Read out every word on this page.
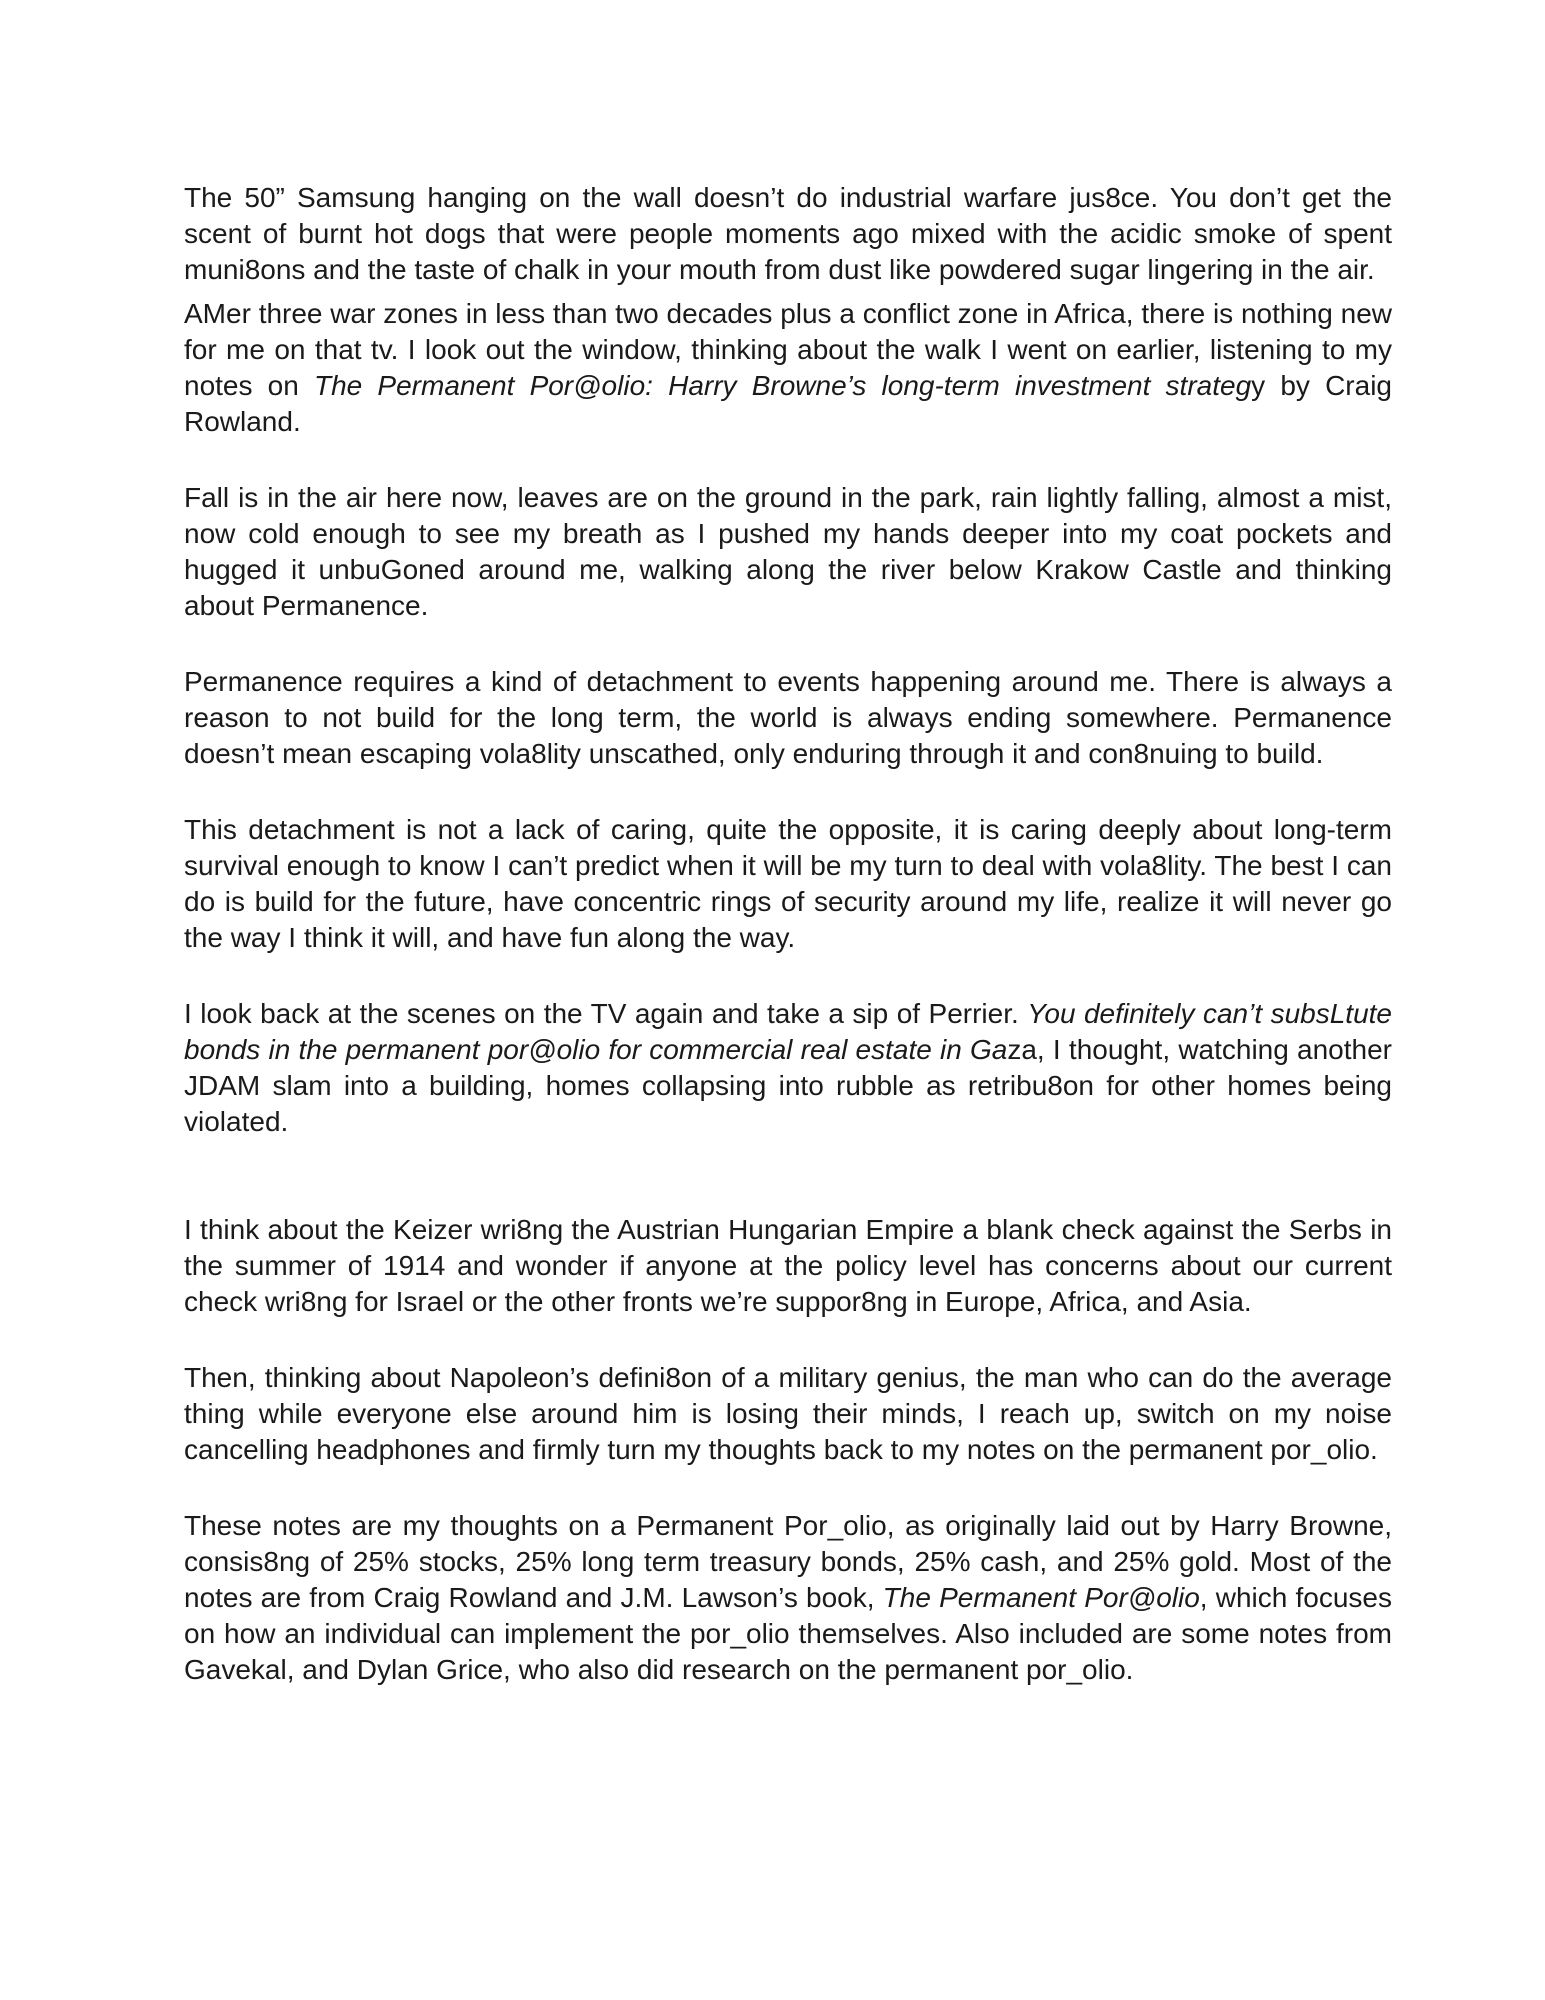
The 50” Samsung hanging on the wall doesn’t do industrial warfare jus8ce. You don’t get the scent of burnt hot dogs that were people moments ago mixed with the acidic smoke of spent muni8ons and the taste of chalk in your mouth from dust like powdered sugar lingering in the air.

AMer three war zones in less than two decades plus a conflict zone in Africa, there is nothing new for me on that tv. I look out the window, thinking about the walk I went on earlier, listening to my notes on The Permanent Por@olio: Harry Browne’s long-term investment strategy by Craig Rowland.

Fall is in the air here now, leaves are on the ground in the park, rain lightly falling, almost a mist, now cold enough to see my breath as I pushed my hands deeper into my coat pockets and hugged it unbuGoned around me, walking along the river below Krakow Castle and thinking about Permanence.

Permanence requires a kind of detachment to events happening around me. There is always a reason to not build for the long term, the world is always ending somewhere. Permanence doesn’t mean escaping vola8lity unscathed, only enduring through it and con8nuing to build.

This detachment is not a lack of caring, quite the opposite, it is caring deeply about long-term survival enough to know I can’t predict when it will be my turn to deal with vola8lity. The best I can do is build for the future, have concentric rings of security around my life, realize it will never go the way I think it will, and have fun along the way.

I look back at the scenes on the TV again and take a sip of Perrier. You definitely can’t subsLtute bonds in the permanent por@olio for commercial real estate in Gaza, I thought, watching another JDAM slam into a building, homes collapsing into rubble as retribu8on for other homes being violated.

I think about the Keizer wri8ng the Austrian Hungarian Empire a blank check against the Serbs in the summer of 1914 and wonder if anyone at the policy level has concerns about our current check wri8ng for Israel or the other fronts we’re suppor8ng in Europe, Africa, and Asia.

Then, thinking about Napoleon’s defini8on of a military genius, the man who can do the average thing while everyone else around him is losing their minds, I reach up, switch on my noise cancelling headphones and firmly turn my thoughts back to my notes on the permanent por_olio.

These notes are my thoughts on a Permanent Por_olio, as originally laid out by Harry Browne, consis8ng of 25% stocks, 25% long term treasury bonds, 25% cash, and 25% gold. Most of the notes are from Craig Rowland and J.M. Lawson’s book, The Permanent Por@olio, which focuses on how an individual can implement the por_olio themselves. Also included are some notes from Gavekal, and Dylan Grice, who also did research on the permanent por_olio.
